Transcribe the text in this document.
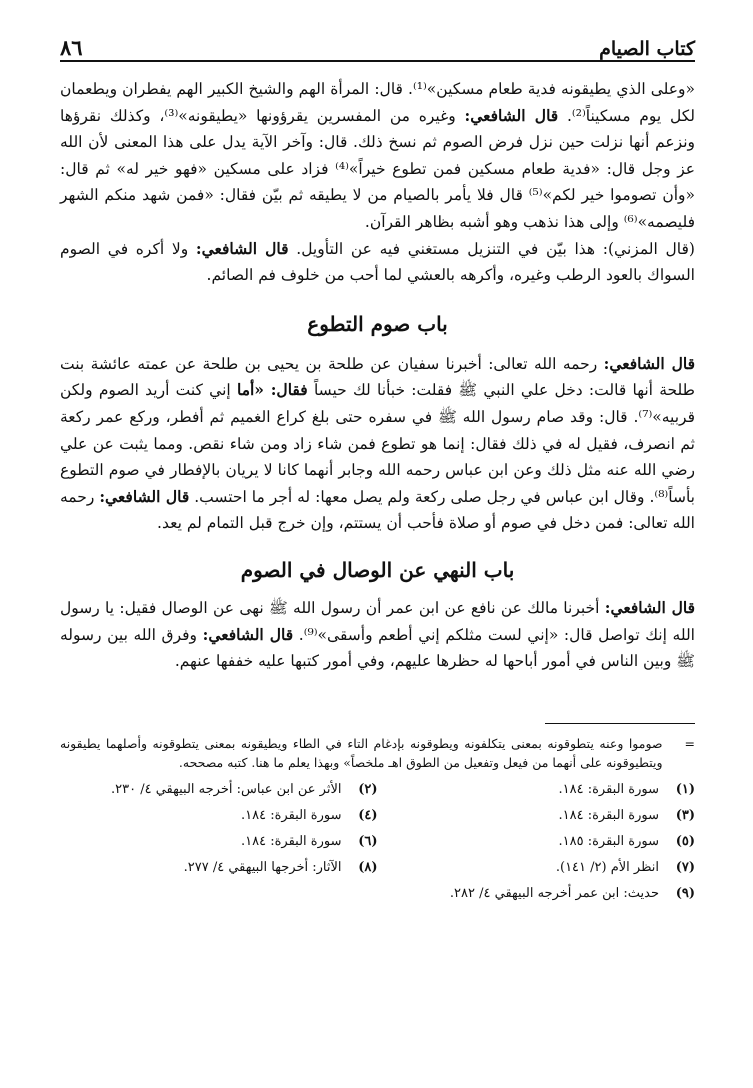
كتاب الصيام
٨٦

«وعلى الذي يطيقونه فدية طعام مسكين»⁽¹⁾. قال: المرأة الهم والشيخ الكبير الهم يفطران ويطعمان لكل يوم مسكيناً⁽²⁾. قال الشافعي: وغيره من المفسرين يقرؤونها «يطيقونه»⁽³⁾، وكذلك نقرؤها ونزعم أنها نزلت حين نزل فرض الصوم ثم نسخ ذلك. قال: وآخر الآية يدل على هذا المعنى لأن الله عز وجل قال: «فدية طعام مسكين فمن تطوع خيراً»⁽⁴⁾ فزاد على مسكين «فهو خير له» ثم قال: «وأن تصوموا خير لكم»⁽⁵⁾ قال فلا يأمر بالصيام من لا يطيقه ثم بيّن فقال: «فمن شهد منكم الشهر فليصمه»⁽⁶⁾ وإلى هذا نذهب وهو أشبه بظاهر القرآن.

(قال المزني): هذا بيّن في التنزيل مستغني فيه عن التأويل. قال الشافعي: ولا أكره في الصوم السواك بالعود الرطب وغيره، وأكرهه بالعشي لما أحب من خلوف فم الصائم.

باب صوم التطوع

قال الشافعي: رحمه الله تعالى: أخبرنا سفيان عن طلحة بن يحيى بن طلحة عن عمته عائشة بنت طلحة أنها قالت: دخل علي النبي ﷺ فقلت: خبأنا لك حيساً فقال: «أما إني كنت أريد الصوم ولكن قربيه»⁽⁷⁾. قال: وقد صام رسول الله ﷺ في سفره حتى بلغ كراع الغميم ثم أفطر، وركع عمر ركعة ثم انصرف، فقيل له في ذلك فقال: إنما هو تطوع فمن شاء زاد ومن شاء نقص. ومما يثبت عن علي رضي الله عنه مثل ذلك وعن ابن عباس رحمه الله وجابر أنهما كانا لا يريان بالإفطار في صوم التطوع بأساً⁽⁸⁾. وقال ابن عباس في رجل صلى ركعة ولم يصل معها: له أجر ما احتسب. قال الشافعي: رحمه الله تعالى: فمن دخل في صوم أو صلاة فأحب أن يستتم، وإن خرج قبل التمام لم يعد.

باب النهي عن الوصال في الصوم

قال الشافعي: أخبرنا مالك عن نافع عن ابن عمر أن رسول الله ﷺ نهى عن الوصال فقيل: يا رسول الله إنك تواصل قال: «إني لست مثلكم إني أطعم وأسقى»⁽⁹⁾. قال الشافعي: وفرق الله بين رسوله ﷺ وبين الناس في أمور أباحها له حظرها عليهم، وفي أمور كتبها عليه خففها عنهم.

=
صوموا وعنه يتطوقونه بمعنى يتكلفونه ويطوقونه بإدغام التاء في الطاء ويطيقونه بمعنى يتطوقونه وأصلهما يطيقونه ويتطيوقونه على أنهما من فيعل وتفعيل من الطوق اهـ ملخصاً» وبهذا يعلم ما هنا. كتبه مصححه.
(١)سورة البقرة: ١٨٤.
(٢)الأثر عن ابن عباس: أخرجه البيهقي ٤/ ٢٣٠.
(٣)سورة البقرة: ١٨٤.
(٤)سورة البقرة: ١٨٤.
(٥)سورة البقرة: ١٨٥.
(٦)سورة البقرة: ١٨٤.
(٧)انظر الأم (٢/ ١٤١).
(٨)الآثار: أخرجها البيهقي ٤/ ٢٧٧.
(٩)حديث: ابن عمر أخرجه البيهقي ٤/ ٢٨٢.
